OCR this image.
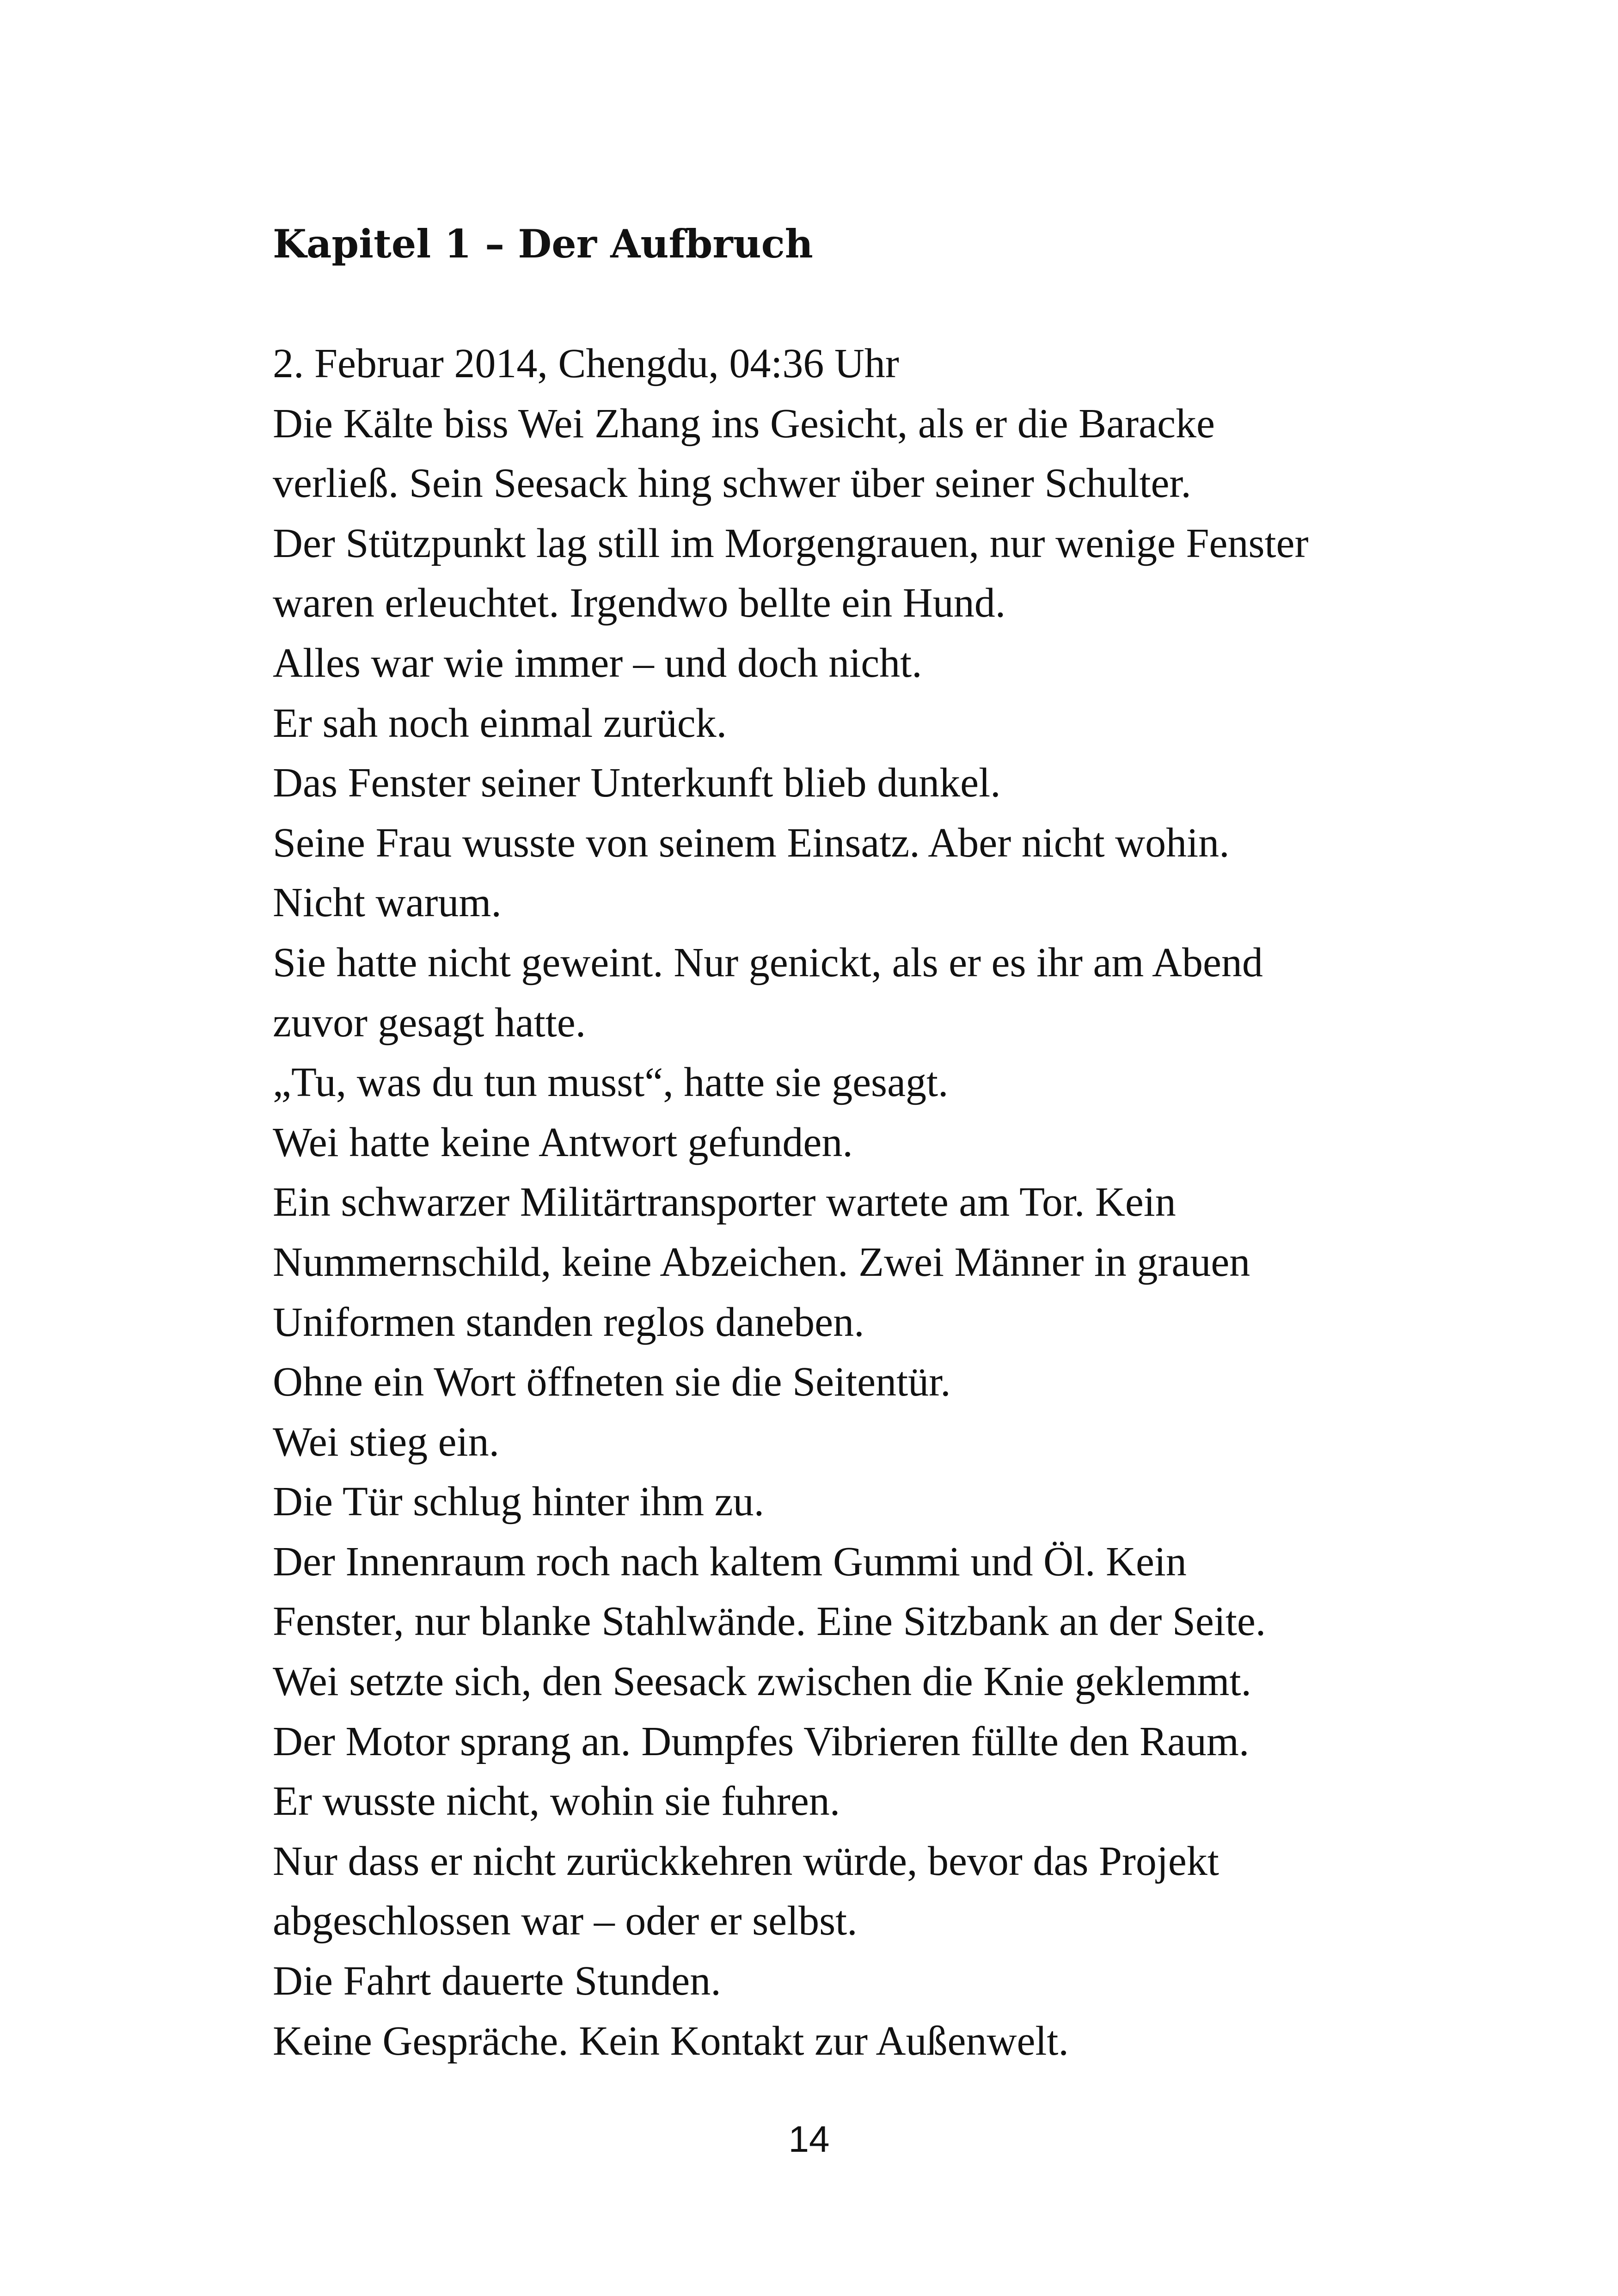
Kapitel 1 – Der Aufbruch

2. Februar 2014, Chengdu, 04:36 Uhr

Die Kälte biss Wei Zhang ins Gesicht, als er die Baracke
verließ. Sein Seesack hing schwer über seiner Schulter.

Der Stützpunkt lag still im Morgengrauen, nur wenige Fenster
waren erleuchtet. Irgendwo bellte ein Hund.

Alles war wie immer – und doch nicht.

Er sah noch einmal zurück.

Das Fenster seiner Unterkunft blieb dunkel.

Seine Frau wusste von seinem Einsatz. Aber nicht wohin.
Nicht warum.

Sie hatte nicht geweint. Nur genickt, als er es ihr am Abend
zuvor gesagt hatte.

„Tu, was du tun musst“, hatte sie gesagt.

Wei hatte keine Antwort gefunden.

Ein schwarzer Militärtransporter wartete am Tor. Kein
Nummernschild, keine Abzeichen. Zwei Männer in grauen
Uniformen standen reglos daneben.

Ohne ein Wort öffneten sie die Seitentür.

Wei stieg ein.

Die Tür schlug hinter ihm zu.

Der Innenraum roch nach kaltem Gummi und Öl. Kein
Fenster, nur blanke Stahlwände. Eine Sitzbank an der Seite.

Wei setzte sich, den Seesack zwischen die Knie geklemmt.

Der Motor sprang an. Dumpfes Vibrieren füllte den Raum.

Er wusste nicht, wohin sie fuhren.

Nur dass er nicht zurückkehren würde, bevor das Projekt
abgeschlossen war – oder er selbst.

Die Fahrt dauerte Stunden.

Keine Gespräche. Kein Kontakt zur Außenwelt.

14
